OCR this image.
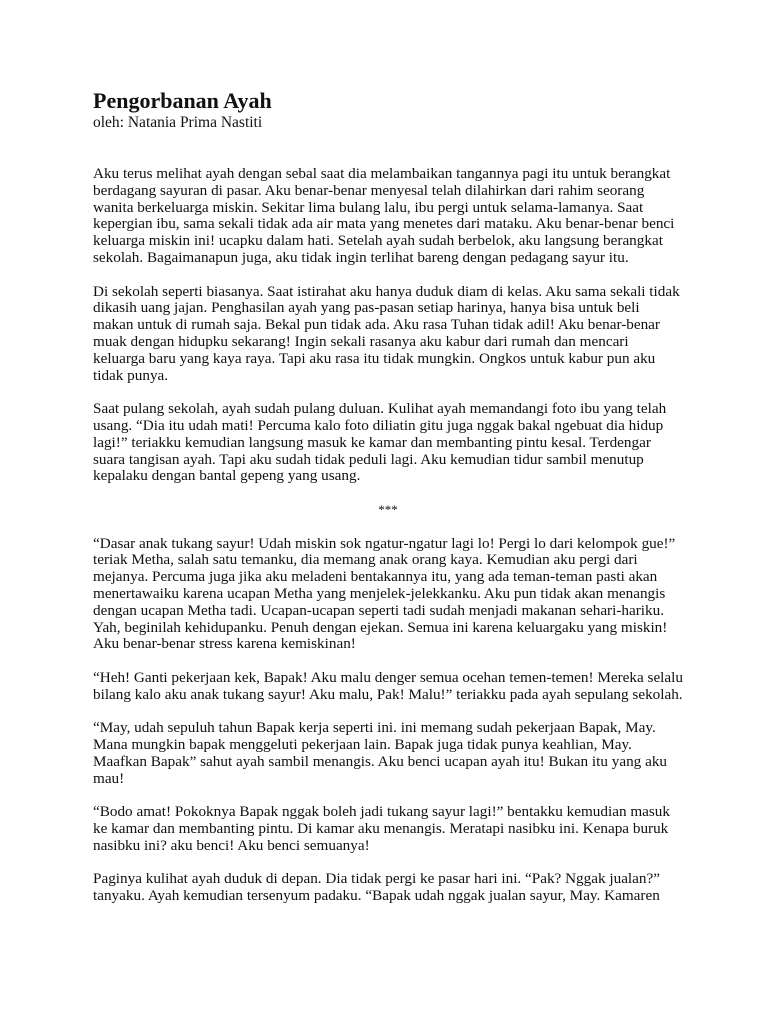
Pengorbanan Ayah

oleh: Natania Prima Nastiti

Aku terus melihat ayah dengan sebal saat dia melambaikan tangannya pagi itu untuk berangkat berdagang sayuran di pasar. Aku benar-benar menyesal telah dilahirkan dari rahim seorang wanita berkeluarga miskin. Sekitar lima bulang lalu, ibu pergi untuk selama-lamanya. Saat kepergian ibu, sama sekali tidak ada air mata yang menetes dari mataku. Aku benar-benar benci keluarga miskin ini! ucapku dalam hati. Setelah ayah sudah berbelok, aku langsung berangkat sekolah. Bagaimanapun juga, aku tidak ingin terlihat bareng dengan pedagang sayur itu.

Di sekolah seperti biasanya. Saat istirahat aku hanya duduk diam di kelas. Aku sama sekali tidak dikasih uang jajan. Penghasilan ayah yang pas-pasan setiap harinya, hanya bisa untuk beli makan untuk di rumah saja. Bekal pun tidak ada. Aku rasa Tuhan tidak adil! Aku benar-benar muak dengan hidupku sekarang! Ingin sekali rasanya aku kabur dari rumah dan mencari keluarga baru yang kaya raya. Tapi aku rasa itu tidak mungkin. Ongkos untuk kabur pun aku tidak punya.

Saat pulang sekolah, ayah sudah pulang duluan. Kulihat ayah memandangi foto ibu yang telah usang. “Dia itu udah mati! Percuma kalo foto diliatin gitu juga nggak bakal ngebuat dia hidup lagi!” teriakku kemudian langsung masuk ke kamar dan membanting pintu kesal. Terdengar suara tangisan ayah. Tapi aku sudah tidak peduli lagi. Aku kemudian tidur sambil menutup kepalaku dengan bantal gepeng yang usang.

***

“Dasar anak tukang sayur! Udah miskin sok ngatur-ngatur lagi lo! Pergi lo dari kelompok gue!” teriak Metha, salah satu temanku, dia memang anak orang kaya. Kemudian aku pergi dari mejanya. Percuma juga jika aku meladeni bentakannya itu, yang ada teman-teman pasti akan menertawaiku karena ucapan Metha yang menjelek-jelekkanku. Aku pun tidak akan menangis dengan ucapan Metha tadi. Ucapan-ucapan seperti tadi sudah menjadi makanan sehari-hariku. Yah, beginilah kehidupanku. Penuh dengan ejekan. Semua ini karena keluargaku yang miskin! Aku benar-benar stress karena kemiskinan!

“Heh! Ganti pekerjaan kek, Bapak! Aku malu denger semua ocehan temen-temen! Mereka selalu bilang kalo aku anak tukang sayur! Aku malu, Pak! Malu!” teriakku pada ayah sepulang sekolah.

“May, udah sepuluh tahun Bapak kerja seperti ini. ini memang sudah pekerjaan Bapak, May. Mana mungkin bapak menggeluti pekerjaan lain. Bapak juga tidak punya keahlian, May. Maafkan Bapak” sahut ayah sambil menangis. Aku benci ucapan ayah itu! Bukan itu yang aku mau!

“Bodo amat! Pokoknya Bapak nggak boleh jadi tukang sayur lagi!” bentakku kemudian masuk ke kamar dan membanting pintu. Di kamar aku menangis. Meratapi nasibku ini. Kenapa buruk nasibku ini? aku benci! Aku benci semuanya!

Paginya kulihat ayah duduk di depan. Dia tidak pergi ke pasar hari ini. “Pak? Nggak jualan?” tanyaku. Ayah kemudian tersenyum padaku. “Bapak udah nggak jualan sayur, May. Kamaren
